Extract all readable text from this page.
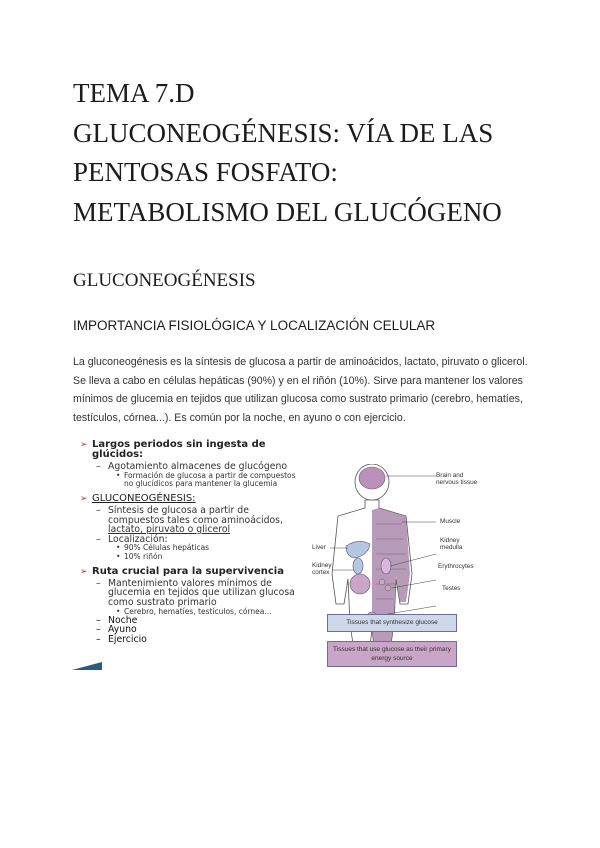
TEMA 7.D
GLUCONEOGÉNESIS: VÍA DE LAS
PENTOSAS FOSFATO:
METABOLISMO DEL GLUCÓGENO
GLUCONEOGÉNESIS
IMPORTANCIA FISIOLÓGICA Y LOCALIZACIÓN CELULAR
La gluconeogénesis es la síntesis de glucosa a partir de aminoácidos, lactato, piruvato o glicerol. Se lleva a cabo en células hepáticas (90%) y en el riñón (10%). Sirve para mantener los valores mínimos de glucemia en tejidos que utilizan glucosa como sustrato primario (cerebro, hematíes, testículos, córnea...). Es común por la noche, en ayuno o con ejercicio.
➢ Largos periodos sin ingesta de glúcidos:
– Agotamiento almacenes de glucógeno
• Formación de glucosa a partir de compuestos no glucídicos para mantener la glucemia
➢ GLUCONEOGÉNESIS:
– Síntesis de glucosa a partir de compuestos tales como aminoácidos, lactato, piruvato o glicerol
– Localización:
• 90% Células hepáticas
• 10% riñón
➢ Ruta crucial para la supervivencia
– Mantenimiento valores mínimos de glucemia en tejidos que utilizan glucosa como sustrato primario
• Cerebro, hematíes, testículos, córnea…
– Noche
– Ayuno
– Ejercicio
Brain and nervous tissue
Muscle
Kidney medulla
Liver
Kidney cortex
Erythrocytes
Testes
Tissues that synthesize glucose
Tissues that use glucose as their primary energy source
